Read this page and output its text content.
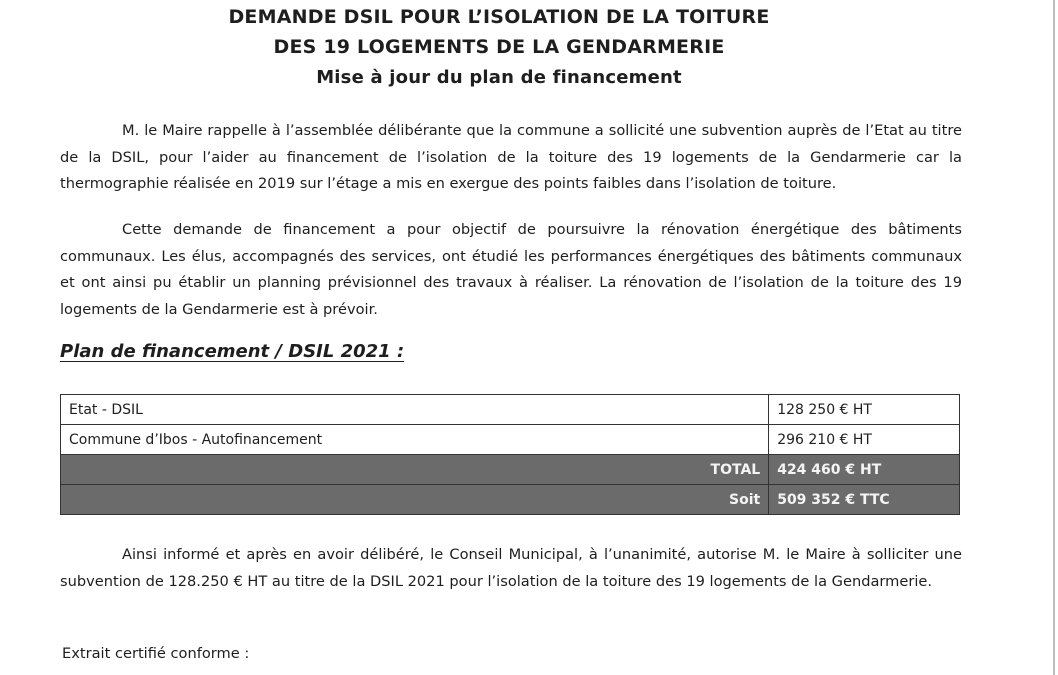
DEMANDE DSIL POUR L’ISOLATION DE LA TOITURE
DES 19 LOGEMENTS DE LA GENDARMERIE
Mise à jour du plan de financement

M. le Maire rappelle à l’assemblée délibérante que la commune a sollicité une subvention auprès de l’Etat au titre de la DSIL, pour l’aider au financement de l’isolation de la toiture des 19 logements de la Gendarmerie car la thermographie réalisée en 2019 sur l’étage a mis en exergue des points faibles dans l’isolation de toiture.

Cette demande de financement a pour objectif de poursuivre la rénovation énergétique des bâtiments communaux. Les élus, accompagnés des services, ont étudié les performances énergétiques des bâtiments communaux et ont ainsi pu établir un planning prévisionnel des travaux à réaliser. La rénovation de l’isolation de la toiture des 19 logements de la Gendarmerie est à prévoir.

Plan de financement / DSIL 2021 :
Etat - DSIL	128 250 € HT
Commune d’Ibos - Autofinancement	296 210 € HT
TOTAL	424 460 € HT
Soit	509 352 € TTC

Ainsi informé et après en avoir délibéré, le Conseil Municipal, à l’unanimité, autorise M. le Maire à solliciter une subvention de 128.250 € HT au titre de la DSIL 2021 pour l’isolation de la toiture des 19 logements de la Gendarmerie.

Extrait certifié conforme :
